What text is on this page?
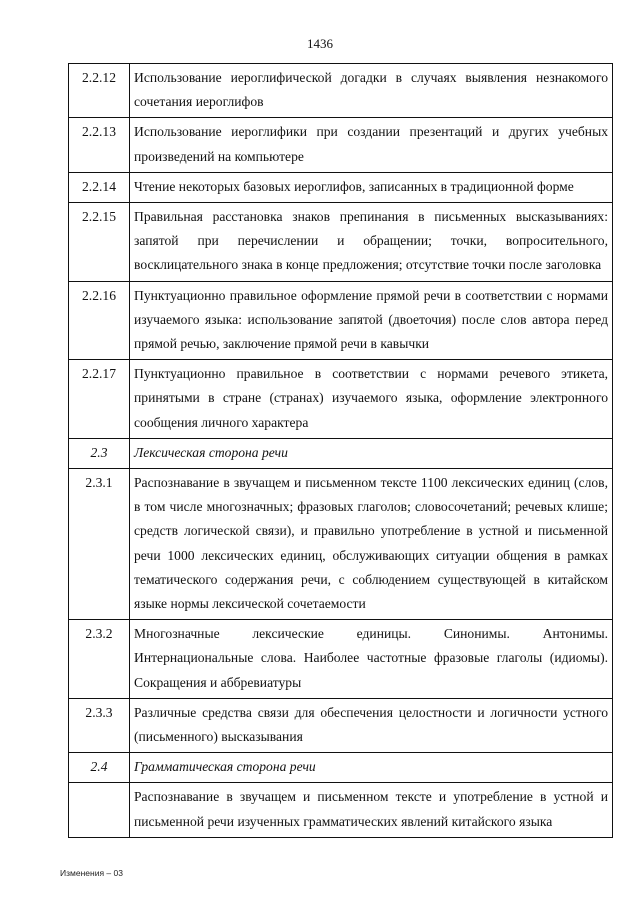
1436
2.2.12	Использование иероглифической догадки в случаях выявления незнакомого сочетания иероглифов
2.2.13	Использование иероглифики при создании презентаций и других учебных произведений на компьютере
2.2.14	Чтение некоторых базовых иероглифов, записанных в традиционной форме
2.2.15	Правильная расстановка знаков препинания в письменных высказываниях: запятой при перечислении и обращении; точки, вопросительного, восклицательного знака в конце предложения; отсутствие точки после заголовка
2.2.16	Пунктуационно правильное оформление прямой речи в соответствии с нормами изучаемого языка: использование запятой (двоеточия) после слов автора перед прямой речью, заключение прямой речи в кавычки
2.2.17	Пунктуационно правильное в соответствии с нормами речевого этикета, принятыми в стране (странах) изучаемого языка, оформление электронного сообщения личного характера
2.3	Лексическая сторона речи
2.3.1	Распознавание в звучащем и письменном тексте 1100 лексических единиц (слов, в том числе многозначных; фразовых глаголов; словосочетаний; речевых клише; средств логической связи), и правильно употребление в устной и письменной речи 1000 лексических единиц, обслуживающих ситуации общения в рамках тематического содержания речи, с соблюдением существующей в китайском языке нормы лексической сочетаемости
2.3.2	Многозначные лексические единицы. Синонимы. Антонимы. Интернациональные слова. Наиболее частотные фразовые глаголы (идиомы). Сокращения и аббревиатуры
2.3.3	Различные средства связи для обеспечения целостности и логичности устного (письменного) высказывания
2.4	Грамматическая сторона речи
	Распознавание в звучащем и письменном тексте и употребление в устной и письменной речи изученных грамматических явлений китайского языка
Изменения – 03
